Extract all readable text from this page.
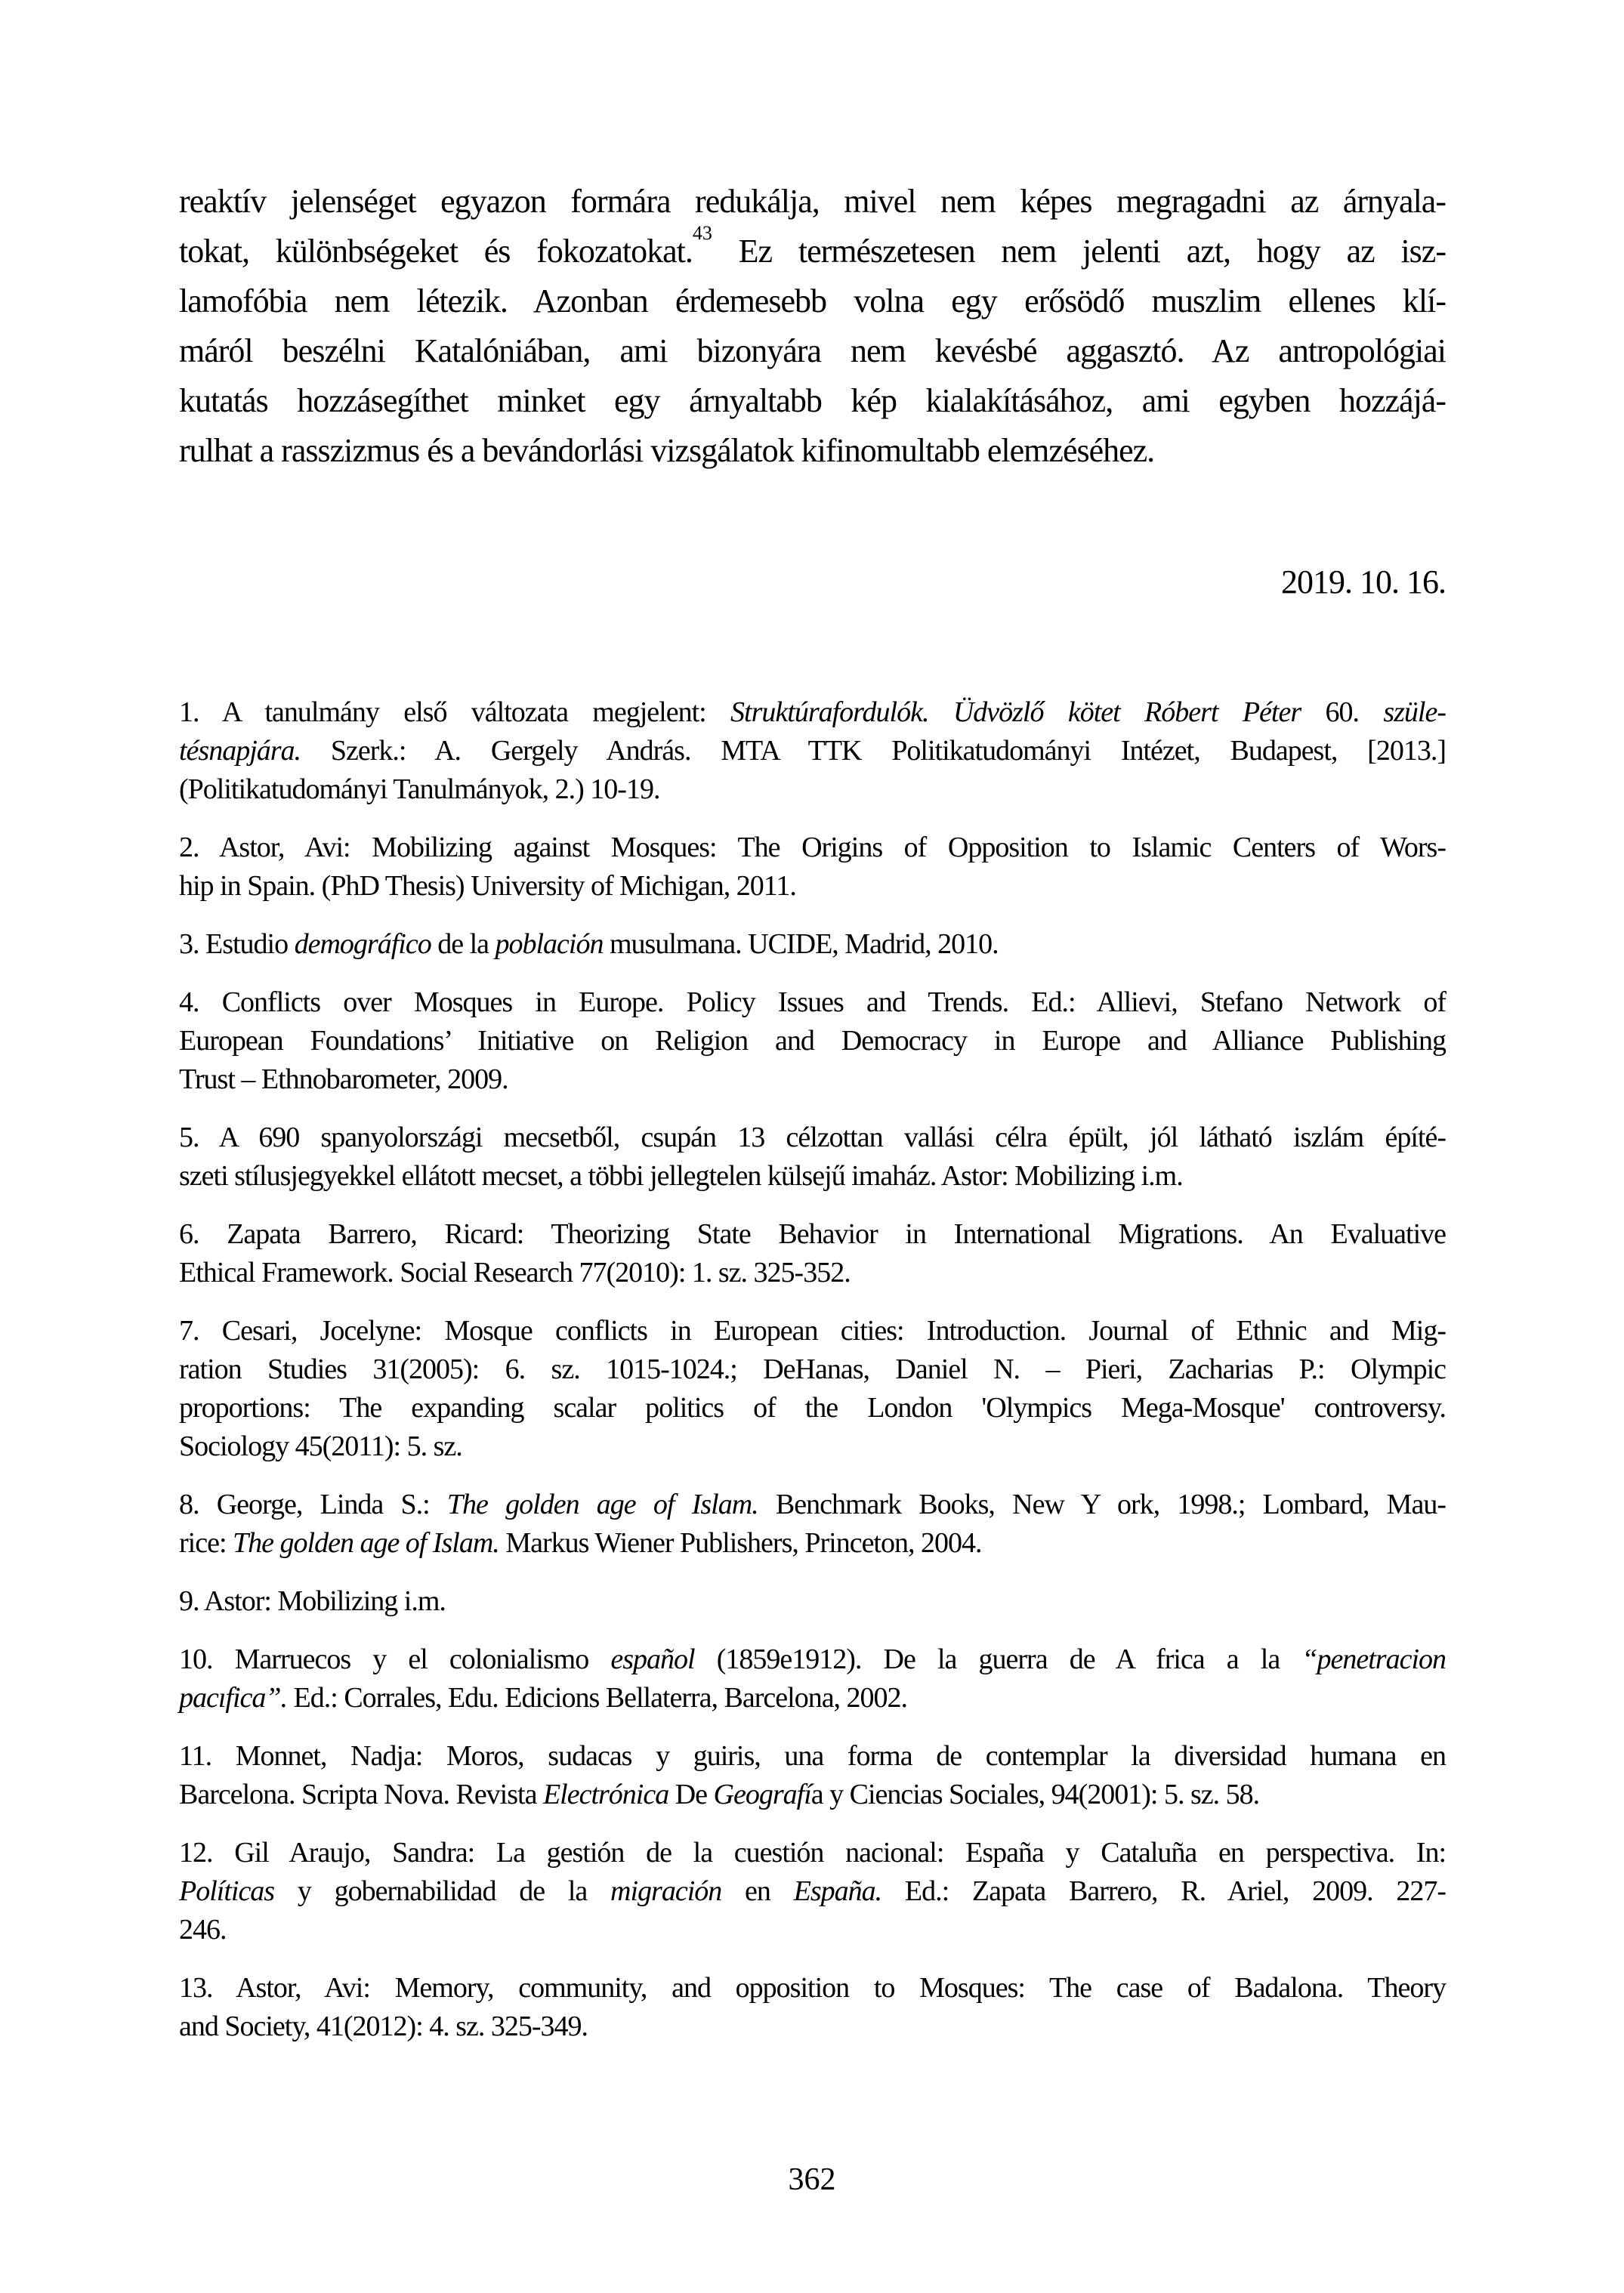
reaktív jelenséget egyazon formára redukálja, mivel nem képes megragadni az árnyala-
tokat, különbségeket és fokozatokat.$^{43}$ Ez természetesen nem jelenti azt, hogy az isz-
lamofóbia nem létezik. Azonban érdemesebb volna egy erősödő muszlim ellenes klí-
máról beszélni Katalóniában, ami bizonyára nem kevésbé aggasztó. Az antropológiai
kutatás hozzásegíthet minket egy árnyaltabb kép kialakításához, ami egyben hozzájá-
rulhat a rasszizmus és a bevándorlási vizsgálatok kifinomultabb elemzéséhez.
2019. 10. 16.
1. A tanulmány első változata megjelent: Struktúrafordulók. Üdvözlő kötet Róbert Péter 60. szüle-
tésnapjára. Szerk.: A. Gergely András. MTA TTK Politikatudományi Intézet, Budapest, [2013.]
(Politikatudományi Tanulmányok, 2.) 10-19.
2. Astor, Avi: Mobilizing against Mosques: The Origins of Opposition to Islamic Centers of Wors-
hip in Spain. (PhD Thesis) University of Michigan, 2011.
3. Estudio demográfico de la población musulmana. UCIDE, Madrid, 2010.
4. Conflicts over Mosques in Europe. Policy Issues and Trends. Ed.: Allievi, Stefano Network of
European Foundations’ Initiative on Religion and Democracy in Europe and Alliance Publishing
Trust – Ethnobarometer, 2009.
5. A 690 spanyolországi mecsetből, csupán 13 célzottan vallási célra épült, jól látható iszlám építé-
szeti stílusjegyekkel ellátott mecset, a többi jellegtelen külsejű imaház. Astor: Mobilizing i.m.
6. Zapata Barrero, Ricard: Theorizing State Behavior in International Migrations. An Evaluative
Ethical Framework. Social Research 77(2010): 1. sz. 325-352.
7. Cesari, Jocelyne: Mosque conflicts in European cities: Introduction. Journal of Ethnic and Mig-
ration Studies 31(2005): 6. sz. 1015-1024.; DeHanas, Daniel N. – Pieri, Zacharias P.: Olympic
proportions: The expanding scalar politics of the London 'Olympics Mega-Mosque' controversy.
Sociology 45(2011): 5. sz.
8. George, Linda S.: The golden age of Islam. Benchmark Books, New Y ork, 1998.; Lombard, Mau-
rice: The golden age of Islam. Markus Wiener Publishers, Princeton, 2004.
9. Astor: Mobilizing i.m.
10. Marruecos y el colonialismo español (1859e1912). De la guerra de A frica a la “penetracion
pacıfica”. Ed.: Corrales, Edu. Edicions Bellaterra, Barcelona, 2002.
11. Monnet, Nadja: Moros, sudacas y guiris, una forma de contemplar la diversidad humana en
Barcelona. Scripta Nova. Revista Electrónica De Geografía y Ciencias Sociales, 94(2001): 5. sz. 58.
12. Gil Araujo, Sandra: La gestión de la cuestión nacional: España y Cataluña en perspectiva. In:
Políticas y gobernabilidad de la migración en España. Ed.: Zapata Barrero, R. Ariel, 2009. 227-
246.
13. Astor, Avi: Memory, community, and opposition to Mosques: The case of Badalona. Theory
and Society, 41(2012): 4. sz. 325-349.
362
